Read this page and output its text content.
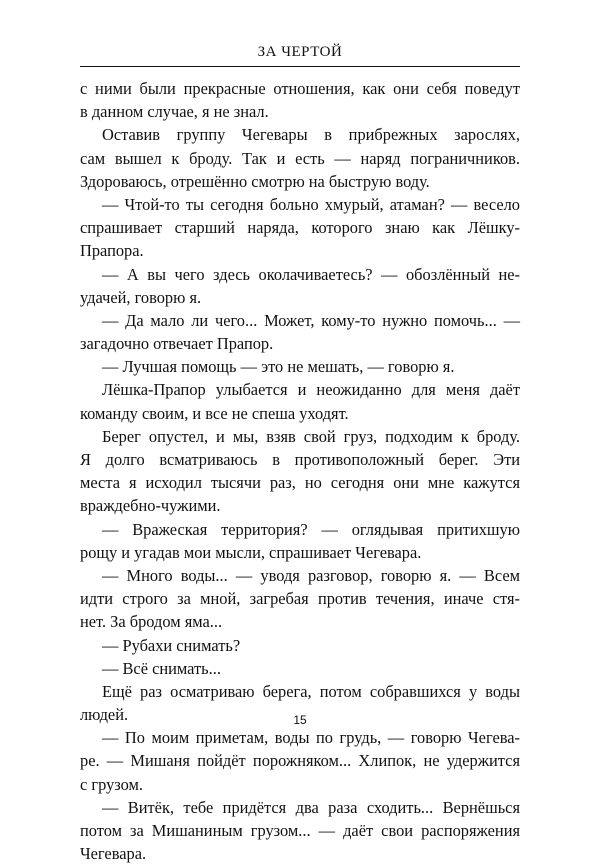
ЗА ЧЕРТОЙ
с ними были прекрасные отношения, как они себя поведут
в данном случае, я не знал.
Оставив группу Чегевары в прибрежных зарослях,
сам вышел к броду. Так и есть — наряд пограничников.
Здороваюсь, отрешённо смотрю на быструю воду.
— Чтой-то ты сегодня больно хмурый, атаман? — весело
спрашивает старший наряда, которого знаю как Лёшку-
Прапора.
— А вы чего здесь околачиваетесь? — обозлённый не-
удачей, говорю я.
— Да мало ли чего... Может, кому-то нужно помочь... —
загадочно отвечает Прапор.
— Лучшая помощь — это не мешать, — говорю я.
Лёшка-Прапор улыбается и неожиданно для меня даёт
команду своим, и все не спеша уходят.
Берег опустел, и мы, взяв свой груз, подходим к броду.
Я долго всматриваюсь в противоположный берег. Эти
места я исходил тысячи раз, но сегодня они мне кажутся
враждебно-чужими.
— Вражеская территория? — оглядывая притихшую
рощу и угадав мои мысли, спрашивает Чегевара.
— Много воды... — уводя разговор, говорю я. — Всем
идти строго за мной, загребая против течения, иначе стя-
нет. За бродом яма...
— Рубахи снимать?
— Всё снимать...
Ещё раз осматриваю берега, потом собравшихся у воды
людей.
— По моим приметам, воды по грудь, — говорю Чегева-
ре. — Мишаня пойдёт порожняком... Хлипок, не удержится
с грузом.
— Витёк, тебе придётся два раза сходить... Вернёшься
потом за Мишаниным грузом... — даёт свои распоряжения
Чегевара.
15
